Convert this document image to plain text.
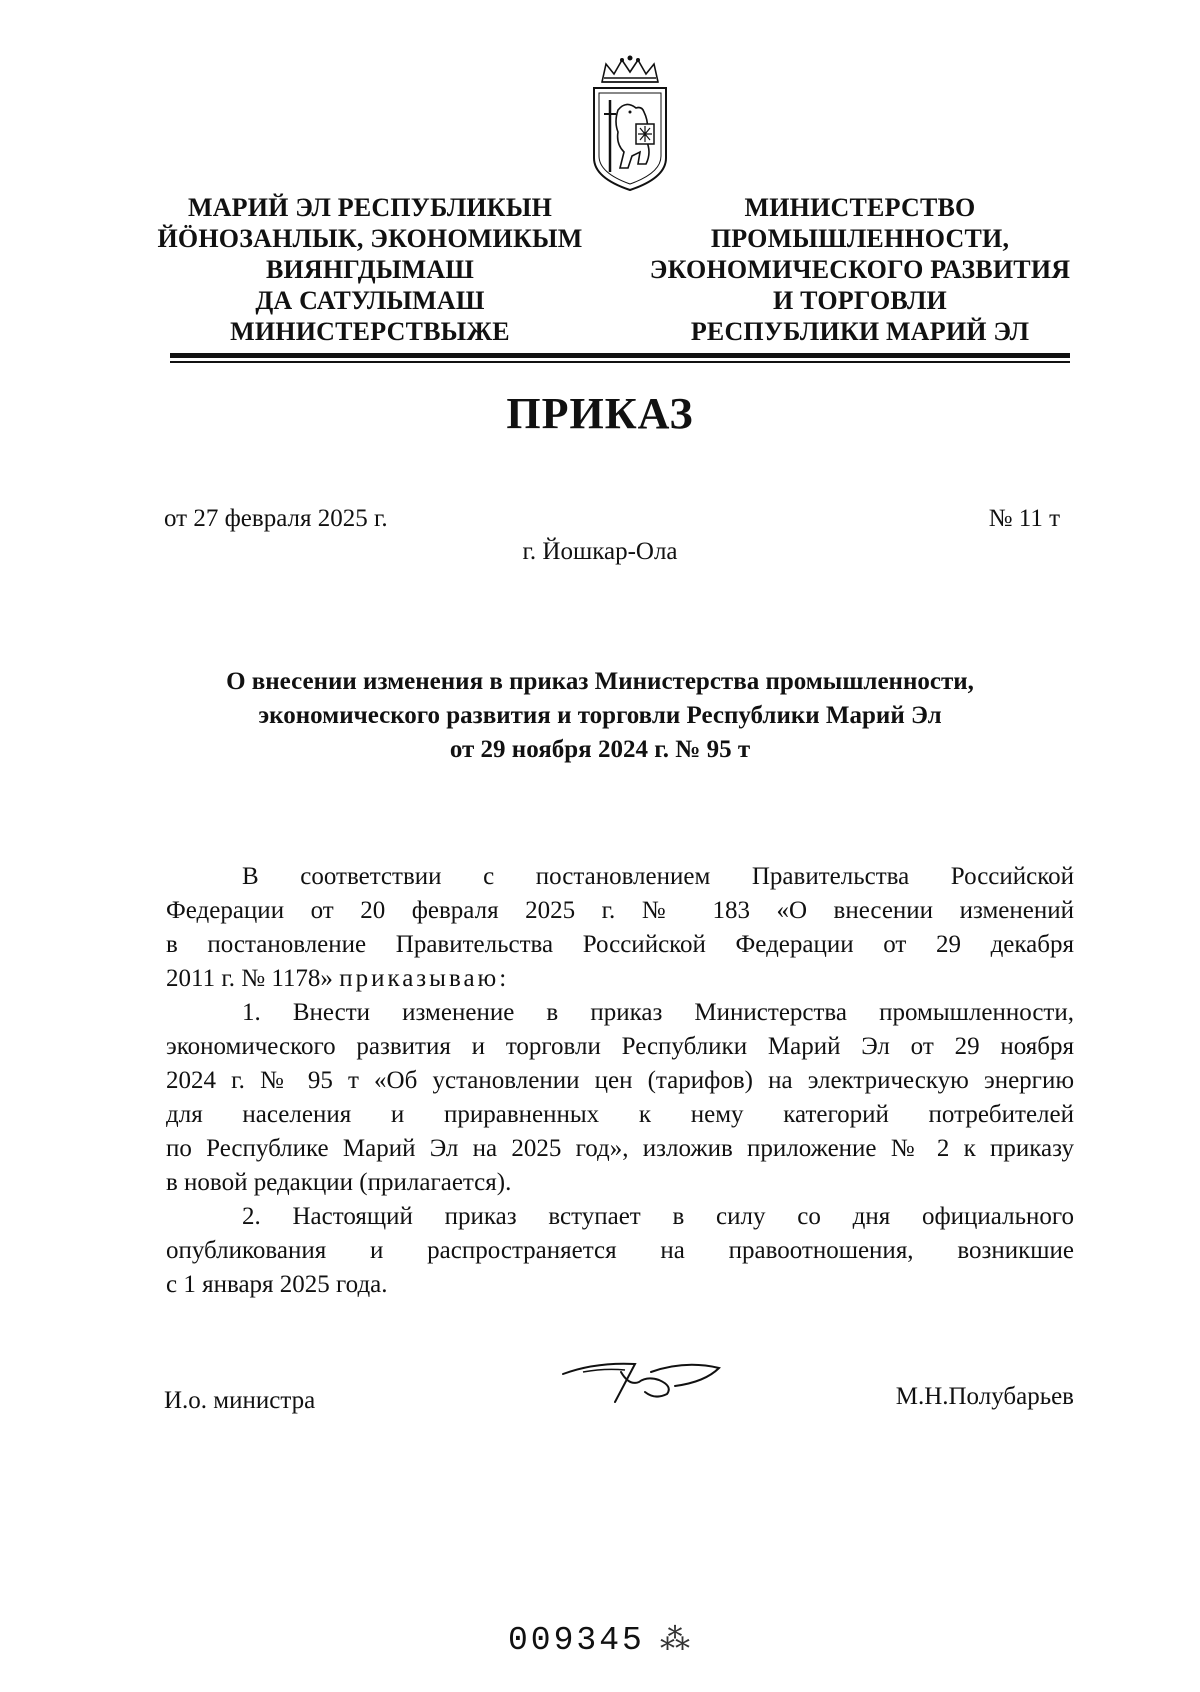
МАРИЙ ЭЛ РЕСПУБЛИКЫН
ЙӦНОЗАНЛЫК, ЭКОНОМИКЫМ
ВИЯНГДЫМАШ
ДА САТУЛЫМАШ
МИНИСТЕРСТВЫЖЕ
МИНИСТЕРСТВО
ПРОМЫШЛЕННОСТИ,
ЭКОНОМИЧЕСКОГО РАЗВИТИЯ
И ТОРГОВЛИ
РЕСПУБЛИКИ МАРИЙ ЭЛ
ПРИКАЗ
от 27 февраля 2025 г.	№ 11 т
г. Йошкар-Ола
О внесении изменения в приказ Министерства промышленности,
экономического развития и торговли Республики Марий Эл
от 29 ноября 2024 г. № 95 т
В соответствии с постановлением Правительства Российской
Федерации от 20 февраля 2025 г. № 183 «О внесении изменений
в постановление Правительства Российской Федерации от 29 декабря
2011 г. № 1178» приказываю:
1. Внести изменение в приказ Министерства промышленности,
экономического развития и торговли Республики Марий Эл от 29 ноября
2024 г. № 95 т «Об установлении цен (тарифов) на электрическую энергию
для населения и приравненных к нему категорий потребителей
по Республике Марий Эл на 2025 год», изложив приложение № 2 к приказу
в новой редакции (прилагается).
2. Настоящий приказ вступает в силу со дня официального
опубликования и распространяется на правоотношения, возникшие
с 1 января 2025 года.
И.о. министра	М.Н.Полубарьев
009345 ⁂
